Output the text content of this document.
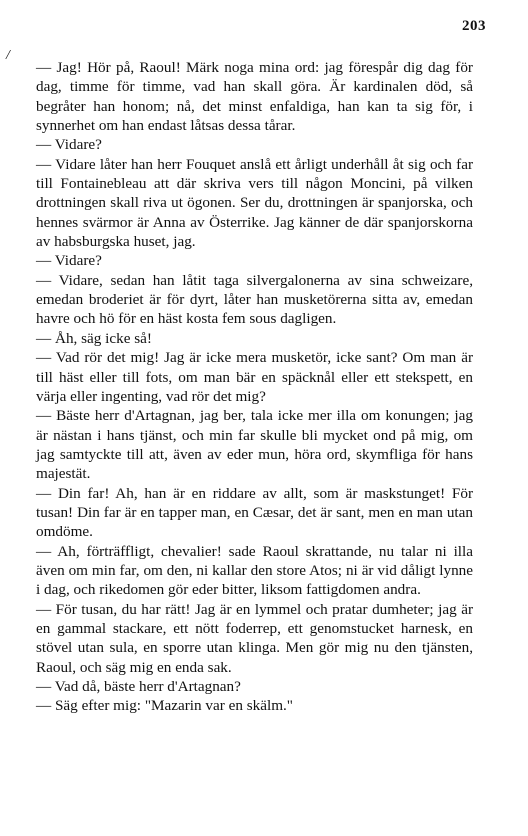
203
/

— Jag! Hör på, Raoul! Märk noga mina ord: jag förespår dig dag för dag, timme för timme, vad han skall göra. Är kardinalen död, så begråter han honom; nå, det minst enfaldiga, han kan ta sig för, i synnerhet om han endast låtsas dessa tårar.

— Vidare?

— Vidare låter han herr Fouquet anslå ett årligt underhåll åt sig och far till Fontainebleau att där skriva vers till någon Moncini, på vilken drottningen skall riva ut ögonen. Ser du, drottningen är spanjorska, och hennes svärmor är Anna av Österrike. Jag känner de där spanjorskorna av habsburgska huset, jag.

— Vidare?

— Vidare, sedan han låtit taga silvergalonerna av sina schweizare, emedan broderiet är för dyrt, låter han musketörerna sitta av, emedan havre och hö för en häst kosta fem sous dagligen.

— Åh, säg icke så!

— Vad rör det mig! Jag är icke mera musketör, icke sant? Om man är till häst eller till fots, om man bär en späcknål eller ett stekspett, en värja eller ingenting, vad rör det mig?

— Bäste herr d'Artagnan, jag ber, tala icke mer illa om konungen; jag är nästan i hans tjänst, och min far skulle bli mycket ond på mig, om jag samtyckte till att, även av eder mun, höra ord, skymfliga för hans majestät.

— Din far! Ah, han är en riddare av allt, som är maskstunget! För tusan! Din far är en tapper man, en Cæsar, det är sant, men en man utan omdöme.

— Ah, förträffligt, chevalier! sade Raoul skrattande, nu talar ni illa även om min far, om den, ni kallar den store Atos; ni är vid dåligt lynne i dag, och rikedomen gör eder bitter, liksom fattigdomen andra.

— För tusan, du har rätt! Jag är en lymmel och pratar dumheter; jag är en gammal stackare, ett nött foderrep, ett genomstucket harnesk, en stövel utan sula, en sporre utan klinga. Men gör mig nu den tjänsten, Raoul, och säg mig en enda sak.

— Vad då, bäste herr d'Artagnan?

— Säg efter mig: "Mazarin var en skälm."
